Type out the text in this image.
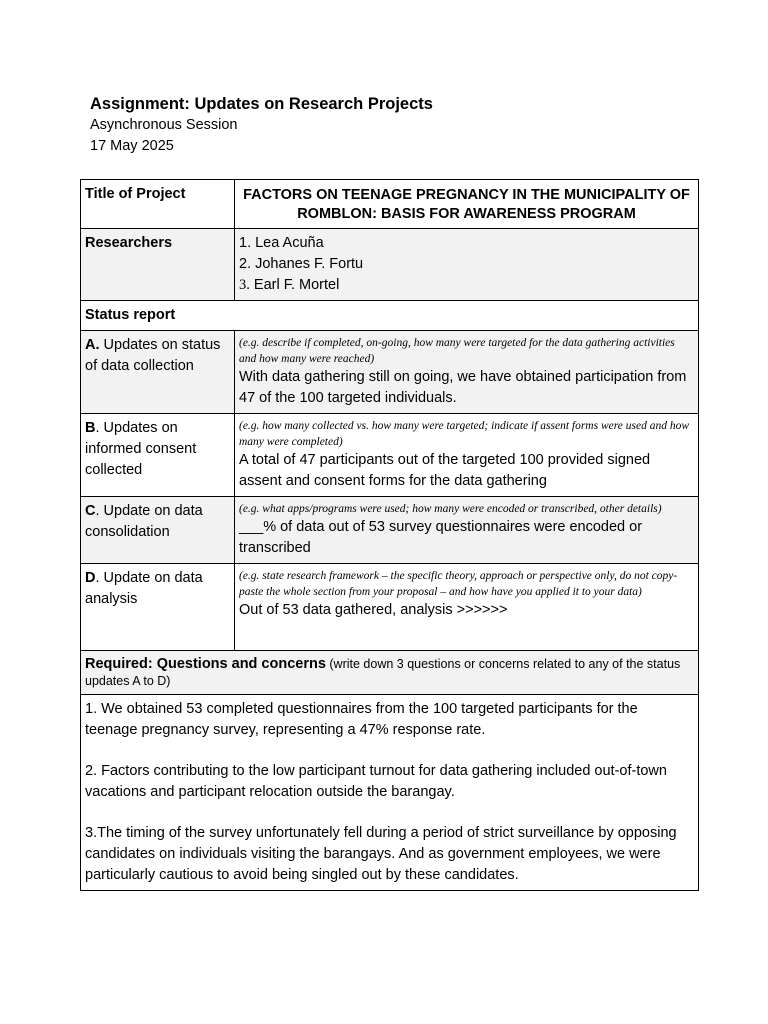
Assignment: Updates on Research Projects
Asynchronous Session
17 May 2025
Title of Project	FACTORS ON TEENAGE PREGNANCY IN THE MUNICIPALITY OF ROMBLON: BASIS FOR AWARENESS PROGRAM
Researchers	1. Lea Acuña
2. Johanes F. Fortu
3. Earl F. Mortel

Status report	
A. Updates on status of data collection	(e.g. describe if completed, on-going, how many were targeted for the data gathering activities and how many were reached)
With data gathering still on going, we have obtained participation from 47 of the 100 targeted individuals.

B. Updates on informed consent collected	(e.g. how many collected vs. how many were targeted; indicate if assent forms were used and how many were completed)
A total of 47 participants out of the targeted 100 provided signed assent and consent forms for the data gathering

C. Update on data consolidation	(e.g. what apps/programs were used; how many were encoded or transcribed, other details)
___% of data out of 53 survey questionnaires were encoded or transcribed

D. Update on data analysis	(e.g. state research framework – the specific theory, approach or perspective only, do not copy-paste the whole section from your proposal – and how have you applied it to your data)
Out of 53 data gathered, analysis >>>>>>

Required: Questions and concerns (write down 3 questions or concerns related to any of the status updates A to D)	

1. We obtained 53 completed questionnaires from the 100 targeted participants for the teenage pregnancy survey, representing a 47% response rate.
2. Factors contributing to the low participant turnout for data gathering included out-of-town vacations and participant relocation outside the barangay.
3.The timing of the survey unfortunately fell during a period of strict surveillance by opposing candidates on individuals visiting the barangays. And as government employees, we were particularly cautious to avoid being singled out by these candidates.	
